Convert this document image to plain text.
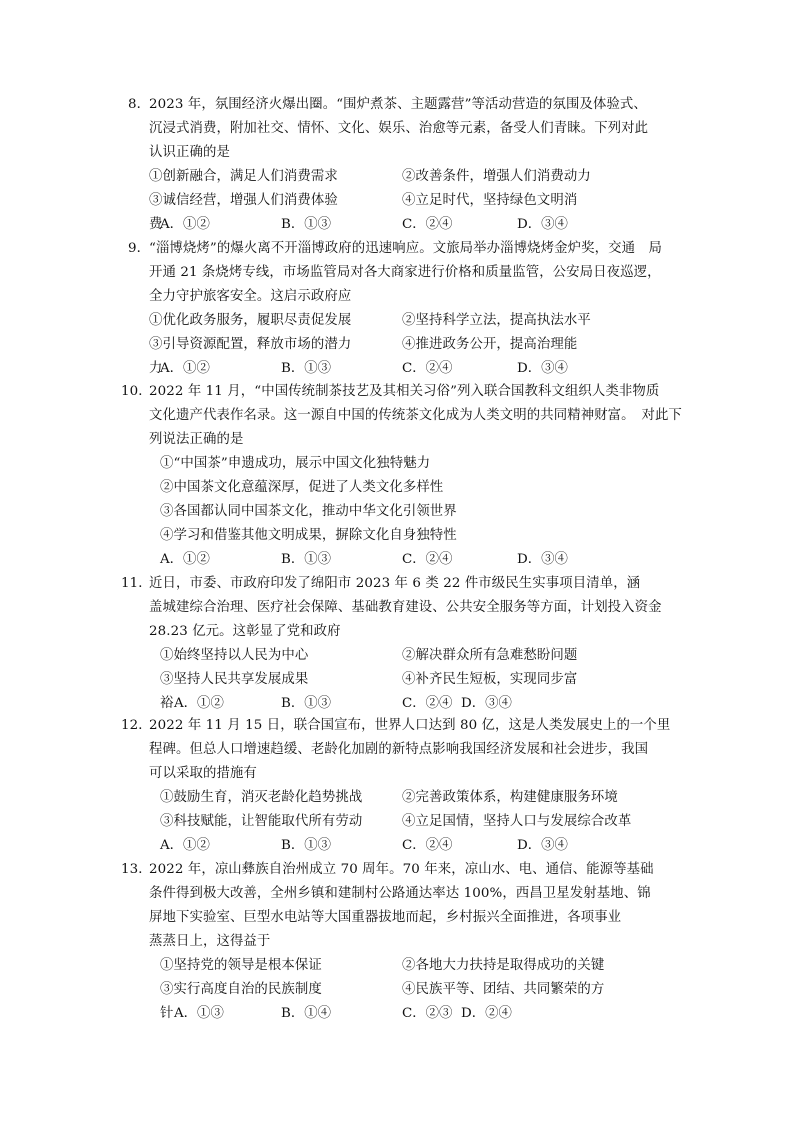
8．
2023 年，氛围经济火爆出圈。“围炉煮茶、主题露营”等活动营造的氛围及体验式、
沉浸式消费，附加社交、情怀、文化、娱乐、治愈等元素，备受人们青睐。下列对此
认识正确的是
①创新融合，满足人们消费需求	②改善条件，增强人们消费动力
③诚信经营，增强人们消费体验	④立足时代，坚持绿色文明消
费
A．①②	B．①③	C．②④	D．③④
9．
“淄博烧烤”的爆火离不开淄博政府的迅速响应。文旅局举办淄博烧烤金炉奖，交通　局
开通 21 条烧烤专线，市场监管局对各大商家进行价格和质量监管，公安局日夜巡逻，
全力守护旅客安全。这启示政府应
①优化政务服务，履职尽责促发展	②坚持科学立法，提高执法水平
③引导资源配置，释放市场的潜力	④推进政务公开，提高治理能
力
A．①②	B．①③	C．②④	D．③④
10．
2022 年 11 月，“中国传统制茶技艺及其相关习俗”列入联合国教科文组织人类非物质
文化遗产代表作名录。这一源自中国的传统茶文化成为人类文明的共同精神财富。　对此下
列说法正确的是
①“中国茶”申遗成功，展示中国文化独特魅力
②中国茶文化意蕴深厚，促进了人类文化多样性
③各国都认同中国茶文化，推动中华文化引领世界
④学习和借鉴其他文明成果，摒除文化自身独特性
A．①②	B．①③	C．②④	D．③④
11．
近日，市委、市政府印发了绵阳市 2023 年 6 类 22 件市级民生实事项目清单，涵
盖城建综合治理、医疗社会保障、基础教育建设、公共安全服务等方面，计划投入资金
28.23 亿元。这彰显了党和政府
①始终坚持以人民为中心	②解决群众所有急难愁盼问题
③坚持人民共享发展成果	④补齐民生短板，实现同步富
裕 A．①②	B．①③	C．②④ D．③④
12．
2022 年 11 月 15 日，联合国宣布，世界人口达到 80 亿，这是人类发展史上的一个里
程碑。但总人口增速趋缓、老龄化加剧的新特点影响我国经济发展和社会进步，我国
可以采取的措施有
①鼓励生育，消灭老龄化趋势挑战	②完善政策体系，构建健康服务环境
③科技赋能，让智能取代所有劳动	④立足国情，坚持人口与发展综合改革
A．①②	B．①③	C．②④	D．③④
13．
2022 年，凉山彝族自治州成立 70 周年。70 年来，凉山水、电、通信、能源等基础
条件得到极大改善，全州乡镇和建制村公路通达率达 100%，西昌卫星发射基地、锦
屏地下实验室、巨型水电站等大国重器拔地而起，乡村振兴全面推进，各项事业
蒸蒸日上，这得益于
①坚持党的领导是根本保证	②各地大力扶持是取得成功的关键
③实行高度自治的民族制度	④民族平等、团结、共同繁荣的方
针 A．①③	B．①④	C．②③ D．②④
